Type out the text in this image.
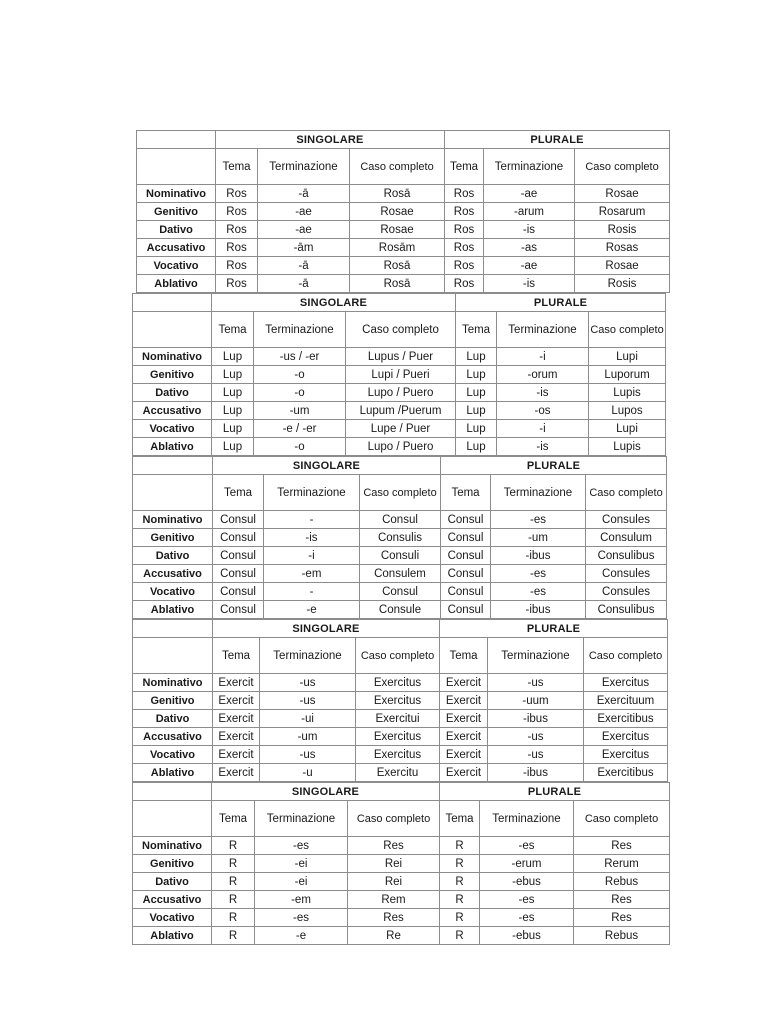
	SINGOLARE			PLURALE		
	Tema	Terminazione	Caso completo	Tema	Terminazione	Caso completo
Nominativo	Ros	-ā	Rosā	Ros	-ae	Rosae
Genitivo	Ros	-ae	Rosae	Ros	-arum	Rosarum
Dativo	Ros	-ae	Rosae	Ros	-is	Rosis
Accusativo	Ros	-ām	Rosām	Ros	-as	Rosas
Vocativo	Ros	-ā	Rosā	Ros	-ae	Rosae
Ablativo	Ros	-ā	Rosā	Ros	-is	Rosis
	SINGOLARE			PLURALE		
	Tema	Terminazione	Caso completo	Tema	Terminazione	Caso completo
Nominativo	Lup	-us / -er	Lupus / Puer	Lup	-i	Lupi
Genitivo	Lup	-o	Lupi / Pueri	Lup	-orum	Luporum
Dativo	Lup	-o	Lupo / Puero	Lup	-is	Lupis
Accusativo	Lup	-um	Lupum /Puerum	Lup	-os	Lupos
Vocativo	Lup	-e / -er	Lupe / Puer	Lup	-i	Lupi
Ablativo	Lup	-o	Lupo / Puero	Lup	-is	Lupis
	SINGOLARE			PLURALE		
	Tema	Terminazione	Caso completo	Tema	Terminazione	Caso completo
Nominativo	Consul	-	Consul	Consul	-es	Consules
Genitivo	Consul	-is	Consulis	Consul	-um	Consulum
Dativo	Consul	-i	Consuli	Consul	-ibus	Consulibus
Accusativo	Consul	-em	Consulem	Consul	-es	Consules
Vocativo	Consul	-	Consul	Consul	-es	Consules
Ablativo	Consul	-e	Consule	Consul	-ibus	Consulibus
	SINGOLARE			PLURALE		
	Tema	Terminazione	Caso completo	Tema	Terminazione	Caso completo
Nominativo	Exercit	-us	Exercitus	Exercit	-us	Exercitus
Genitivo	Exercit	-us	Exercitus	Exercit	-uum	Exercituum
Dativo	Exercit	-ui	Exercitui	Exercit	-ibus	Exercitibus
Accusativo	Exercit	-um	Exercitus	Exercit	-us	Exercitus
Vocativo	Exercit	-us	Exercitus	Exercit	-us	Exercitus
Ablativo	Exercit	-u	Exercitu	Exercit	-ibus	Exercitibus
	SINGOLARE			PLURALE		
	Tema	Terminazione	Caso completo	Tema	Terminazione	Caso completo
Nominativo	R	-es	Res	R	-es	Res
Genitivo	R	-ei	Rei	R	-erum	Rerum
Dativo	R	-ei	Rei	R	-ebus	Rebus
Accusativo	R	-em	Rem	R	-es	Res
Vocativo	R	-es	Res	R	-es	Res
Ablativo	R	-e	Re	R	-ebus	Rebus
